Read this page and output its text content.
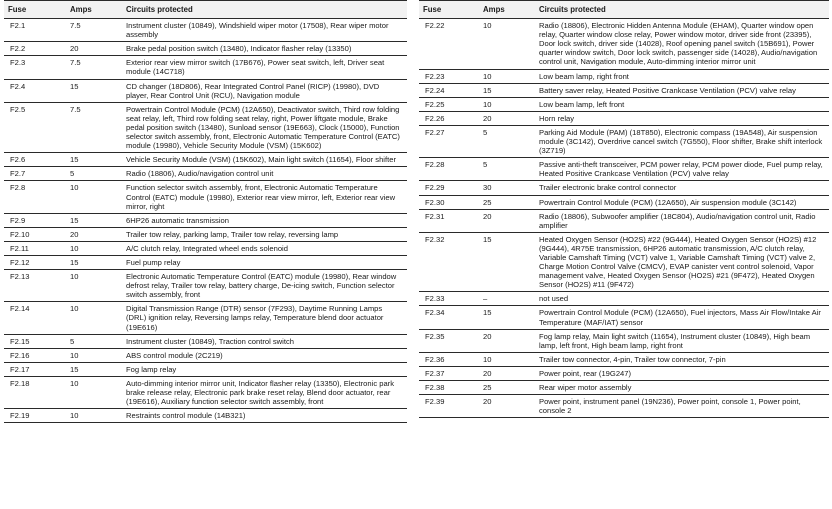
Fuse	Amps	Circuits protected
F2.1	7.5	Instrument cluster (10849), Windshield wiper motor (17508), Rear wiper motor assembly
F2.2	20	Brake pedal position switch (13480), Indicator flasher relay (13350)
F2.3	7.5	Exterior rear view mirror switch (17B676), Power seat switch, left, Driver seat module (14C718)
F2.4	15	CD changer (18D806), Rear Integrated Control Panel (RICP) (19980), DVD player, Rear Control Unit (RCU), Navigation module
F2.5	7.5	Powertrain Control Module (PCM) (12A650), Deactivator switch, Third row folding seat relay, left, Third row folding seat relay, right, Power liftgate module, Brake pedal position switch (13480), Sunload sensor (19E663), Clock (15000), Function selector switch assembly, front, Electronic Automatic Temperature Control (EATC) module (19980), Vehicle Security Module (VSM) (15K602)
F2.6	15	Vehicle Security Module (VSM) (15K602), Main light switch (11654), Floor shifter
F2.7	5	Radio (18806), Audio/navigation control unit
F2.8	10	Function selector switch assembly, front, Electronic Automatic Temperature Control (EATC) module (19980), Exterior rear view mirror, left, Exterior rear view mirror, right
F2.9	15	6HP26 automatic transmission
F2.10	20	Trailer tow relay, parking lamp, Trailer tow relay, reversing lamp
F2.11	10	A/C clutch relay, Integrated wheel ends solenoid
F2.12	15	Fuel pump relay
F2.13	10	Electronic Automatic Temperature Control (EATC) module (19980), Rear window defrost relay, Trailer tow relay, battery charge, De-icing switch, Function selector switch assembly, front
F2.14	10	Digital Transmission Range (DTR) sensor (7F293), Daytime Running Lamps (DRL) ignition relay, Reversing lamps relay, Temperature blend door actuator (19E616)
F2.15	5	Instrument cluster (10849), Traction control switch
F2.16	10	ABS control module (2C219)
F2.17	15	Fog lamp relay
F2.18	10	Auto-dimming interior mirror unit, Indicator flasher relay (13350), Electronic park brake release relay, Electronic park brake reset relay, Blend door actuator, rear (19E616), Auxiliary function selector switch assembly, front
F2.19	10	Restraints control module (14B321)
Fuse	Amps	Circuits protected
F2.22	10	Radio (18806), Electronic Hidden Antenna Module (EHAM), Quarter window open relay, Quarter window close relay, Power window motor, driver side front (23395), Door lock switch, driver side (14028), Roof opening panel switch (15B691), Power quarter window switch, Door lock switch, passenger side (14028), Audio/navigation control unit, Navigation module, Auto-dimming interior mirror unit
F2.23	10	Low beam lamp, right front
F2.24	15	Battery saver relay, Heated Positive Crankcase Ventilation (PCV) valve relay
F2.25	10	Low beam lamp, left front
F2.26	20	Horn relay
F2.27	5	Parking Aid Module (PAM) (18T850), Electronic compass (19A548), Air suspension module (3C142), Overdrive cancel switch (7G550), Floor shifter, Brake shift interlock (3Z719)
F2.28	5	Passive anti-theft transceiver, PCM power relay, PCM power diode, Fuel pump relay, Heated Positive Crankcase Ventilation (PCV) valve relay
F2.29	30	Trailer electronic brake control connector
F2.30	25	Powertrain Control Module (PCM) (12A650), Air suspension module (3C142)
F2.31	20	Radio (18806), Subwoofer amplifier (18C804), Audio/navigation control unit, Radio amplifier
F2.32	15	Heated Oxygen Sensor (HO2S) #22 (9G444), Heated Oxygen Sensor (HO2S) #12 (9G444), 4R75E transmission, 6HP26 automatic transmission, A/C clutch relay, Variable Camshaft Timing (VCT) valve 1, Variable Camshaft Timing (VCT) valve 2, Charge Motion Control Valve (CMCV), EVAP canister vent control solenoid, Vapor management valve, Heated Oxygen Sensor (HO2S) #21 (9F472), Heated Oxygen Sensor (HO2S) #11 (9F472)
F2.33	–	not used
F2.34	15	Powertrain Control Module (PCM) (12A650), Fuel injectors, Mass Air Flow/Intake Air Temperature (MAF/IAT) sensor
F2.35	20	Fog lamp relay, Main light switch (11654), Instrument cluster (10849), High beam lamp, left front, High beam lamp, right front
F2.36	10	Trailer tow connector, 4-pin, Trailer tow connector, 7-pin
F2.37	20	Power point, rear (19G247)
F2.38	25	Rear wiper motor assembly
F2.39	20	Power point, instrument panel (19N236), Power point, console 1, Power point, console 2
